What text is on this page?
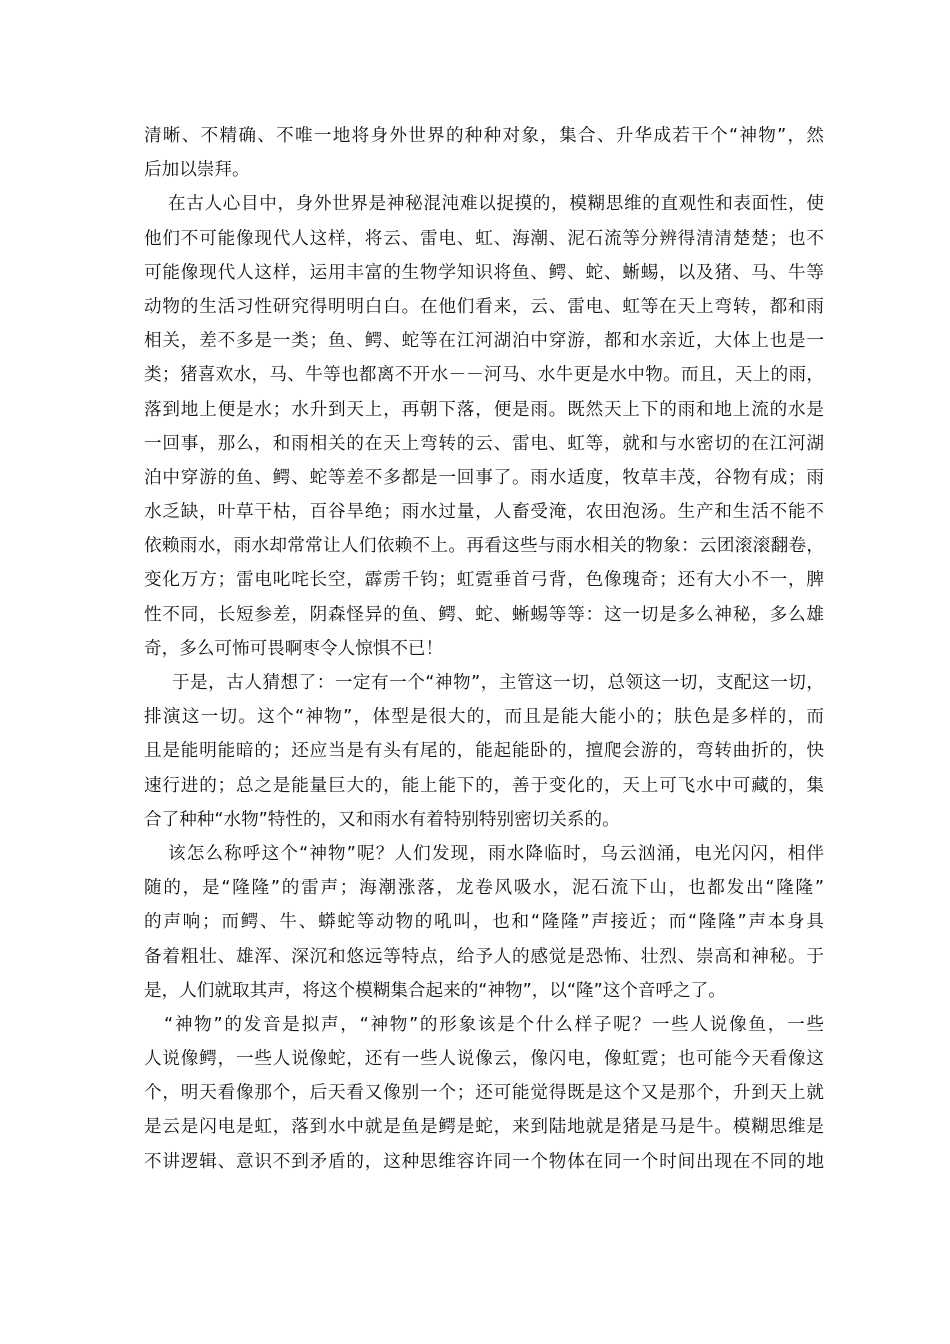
清晰、不精确、不唯一地将身外世界的种种对象，集合、升华成若干个“神物”，然
后加以崇拜。
在古人心目中，身外世界是神秘混沌难以捉摸的，模糊思维的直观性和表面性，使
他们不可能像现代人这样，将云、雷电、虹、海潮、泥石流等分辨得清清楚楚；也不
可能像现代人这样，运用丰富的生物学知识将鱼、鳄、蛇、蜥蜴，以及猪、马、牛等
动物的生活习性研究得明明白白。在他们看来，云、雷电、虹等在天上弯转，都和雨
相关，差不多是一类；鱼、鳄、蛇等在江河湖泊中穿游，都和水亲近，大体上也是一
类；猪喜欢水，马、牛等也都离不开水－－河马、水牛更是水中物。而且，天上的雨，
落到地上便是水；水升到天上，再朝下落，便是雨。既然天上下的雨和地上流的水是
一回事，那么，和雨相关的在天上弯转的云、雷电、虹等，就和与水密切的在江河湖
泊中穿游的鱼、鳄、蛇等差不多都是一回事了。雨水适度，牧草丰茂，谷物有成；雨
水乏缺，叶草干枯，百谷旱绝；雨水过量，人畜受淹，农田泡汤。生产和生活不能不
依赖雨水，雨水却常常让人们依赖不上。再看这些与雨水相关的物象：云团滚滚翻卷，
变化万方；雷电叱咤长空，霹雳千钧；虹霓垂首弓背，色像瑰奇；还有大小不一，脾
性不同，长短参差，阴森怪异的鱼、鳄、蛇、蜥蜴等等：这一切是多么神秘，多么雄
奇，多么可怖可畏啊枣令人惊惧不已！
于是，古人猜想了：一定有一个“神物”，主管这一切，总领这一切，支配这一切，
排演这一切。这个“神物”，体型是很大的，而且是能大能小的；肤色是多样的，而
且是能明能暗的；还应当是有头有尾的，能起能卧的，擅爬会游的，弯转曲折的，快
速行进的；总之是能量巨大的，能上能下的，善于变化的，天上可飞水中可藏的，集
合了种种“水物”特性的，又和雨水有着特别特别密切关系的。
该怎么称呼这个“神物”呢？人们发现，雨水降临时，乌云汹涌，电光闪闪，相伴
随的，是“隆隆”的雷声；海潮涨落，龙卷风吸水，泥石流下山，也都发出“隆隆”
的声响；而鳄、牛、蟒蛇等动物的吼叫，也和“隆隆”声接近；而“隆隆”声本身具
备着粗壮、雄浑、深沉和悠远等特点，给予人的感觉是恐怖、壮烈、崇高和神秘。于
是，人们就取其声，将这个模糊集合起来的“神物”，以“隆”这个音呼之了。
“神物”的发音是拟声，“神物”的形象该是个什么样子呢？一些人说像鱼，一些
人说像鳄，一些人说像蛇，还有一些人说像云，像闪电，像虹霓；也可能今天看像这
个，明天看像那个，后天看又像别一个；还可能觉得既是这个又是那个，升到天上就
是云是闪电是虹，落到水中就是鱼是鳄是蛇，来到陆地就是猪是马是牛。模糊思维是
不讲逻辑、意识不到矛盾的，这种思维容许同一个物体在同一个时间出现在不同的地
